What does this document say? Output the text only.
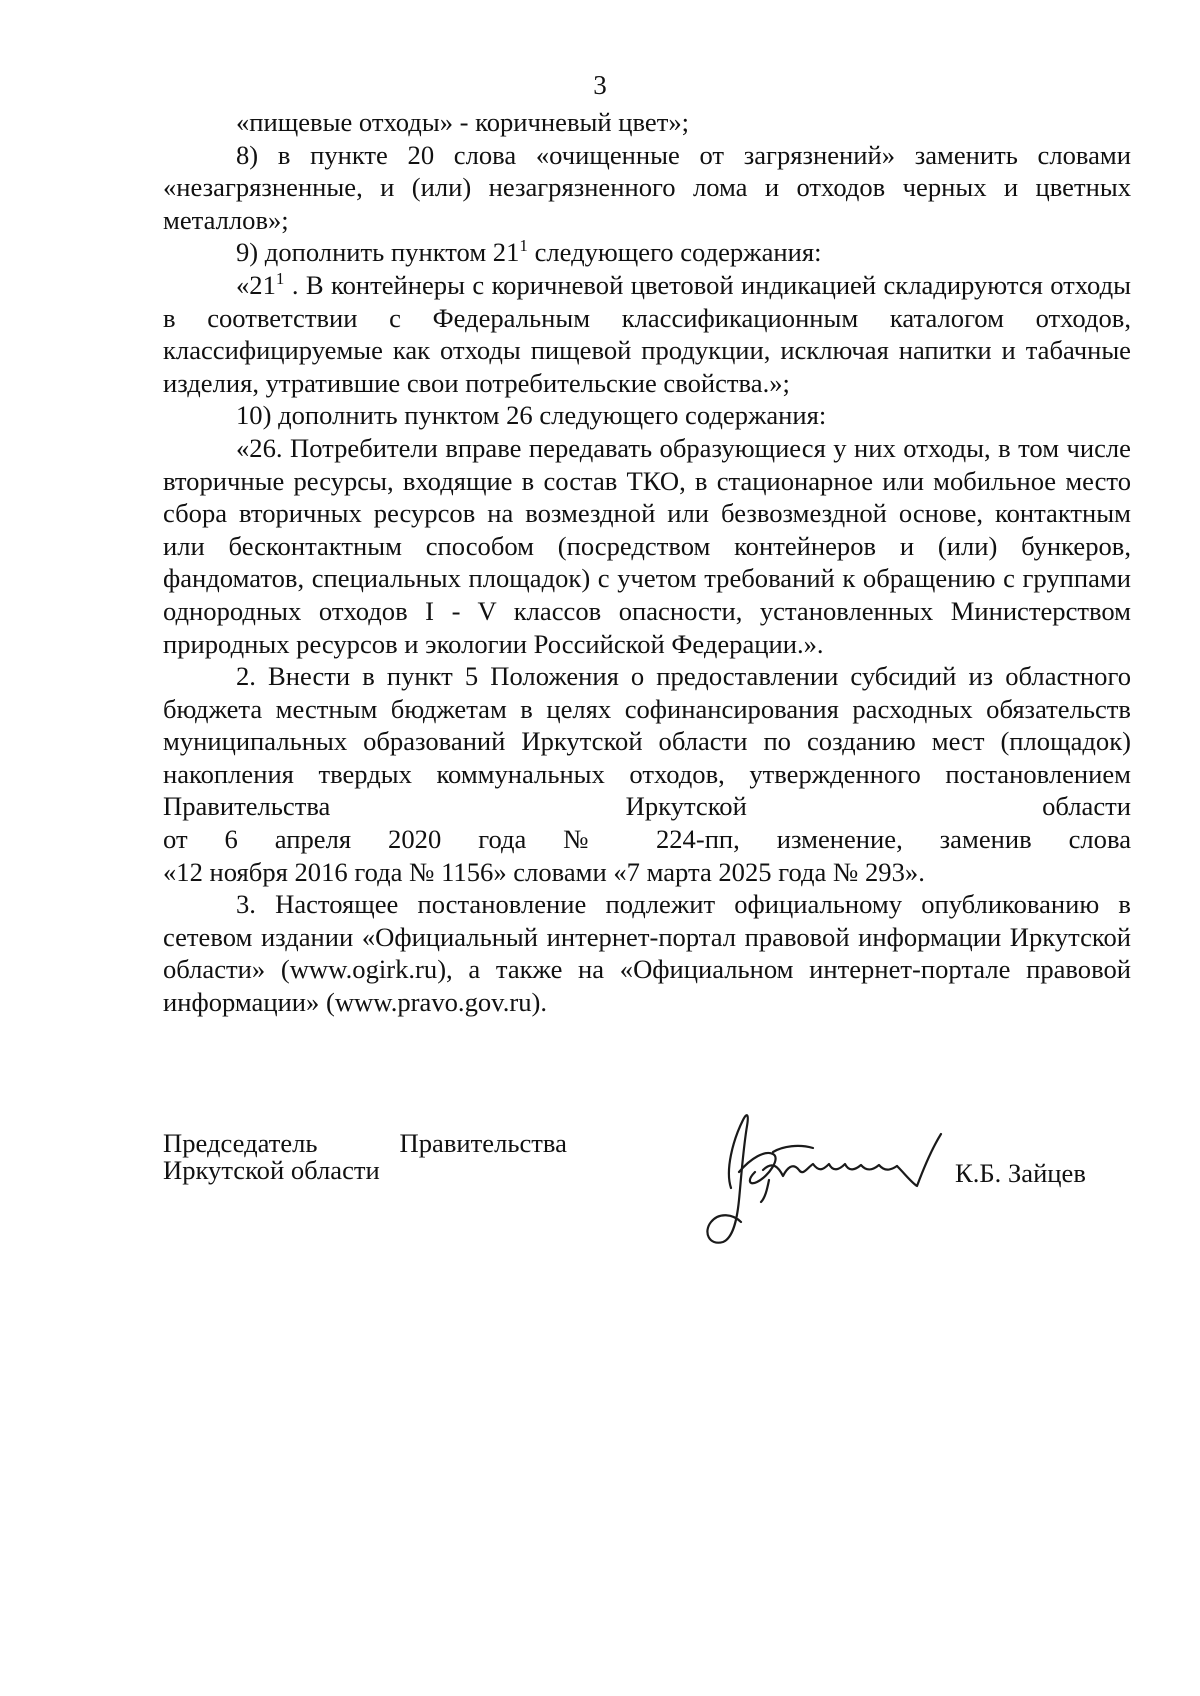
3

«пищевые отходы» - коричневый цвет»;

8) в пункте 20 слова «очищенные от загрязнений» заменить словами «незагрязненные, и (или) незагрязненного лома и отходов черных и цветных металлов»;

9) дополнить пунктом $21^1$ следующего содержания:

«$21^1$ . В контейнеры с коричневой цветовой индикацией складируются отходы в соответствии с Федеральным классификационным каталогом отходов, классифицируемые как отходы пищевой продукции, исключая напитки и табачные изделия, утратившие свои потребительские свойства.»;

10) дополнить пунктом 26 следующего содержания:

«26. Потребители вправе передавать образующиеся у них отходы, в том числе вторичные ресурсы, входящие в состав ТКО, в стационарное или мобильное место сбора вторичных ресурсов на возмездной или безвозмездной основе, контактным или бесконтактным способом (посредством контейнеров и (или) бункеров, фандоматов, специальных площадок) с учетом требований к обращению с группами однородных отходов I - V классов опасности, установленных Министерством природных ресурсов и экологии Российской Федерации.».

2. Внести в пункт 5 Положения о предоставлении субсидий из областного бюджета местным бюджетам в целях софинансирования расходных обязательств муниципальных образований Иркутской области по созданию мест (площадок) накопления твердых коммунальных отходов, утвержденного постановлением Правительства Иркутской области

от 6 апреля 2020 года № 224-пп, изменение, заменив слова

«12 ноября 2016 года № 1156» словами «7 марта 2025 года № 293».

3. Настоящее постановление подлежит официальному опубликованию в сетевом издании «Официальный интернет-портал правовой информации Иркутской области» (www.ogirk.ru), а также на «Официальном интернет-портале правовой информации» (www.pravo.gov.ru).

Председатель	Правительства
Иркутской области	К.Б. Зайцев
